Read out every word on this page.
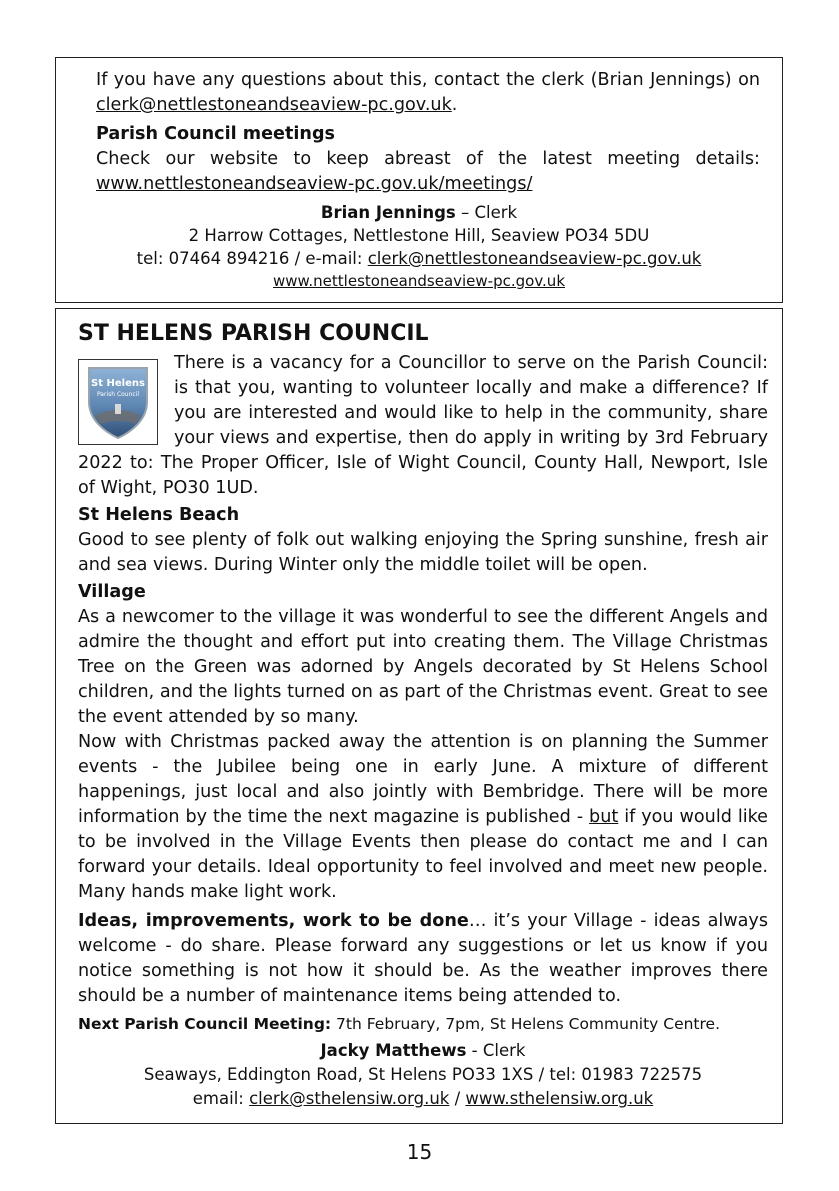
If you have any questions about this, contact the clerk (Brian Jennings) on clerk@nettlestoneandseaview-pc.gov.uk.

Parish Council meetings

Check our website to keep abreast of the latest meeting details:

www.nettlestoneandseaview-pc.gov.uk/meetings/

Brian Jennings – Clerk
2 Harrow Cottages, Nettlestone Hill, Seaview PO34 5DU
tel: 07464 894216 / e-mail: clerk@nettlestoneandseaview-pc.gov.uk
www.nettlestoneandseaview-pc.gov.uk
ST HELENS PARISH COUNCIL
St Helens
Parish Council

There is a vacancy for a Councillor to serve on the Parish Council: is that you, wanting to volunteer locally and make a difference? If you are interested and would like to help in the community, share your views and expertise, then do apply in writing by 3rd February 2022 to: The Proper Officer, Isle of Wight Council, County Hall, Newport, Isle of Wight, PO30 1UD.

St Helens Beach

Good to see plenty of folk out walking enjoying the Spring sunshine, fresh air and sea views. During Winter only the middle toilet will be open.

Village

As a newcomer to the village it was wonderful to see the different Angels and admire the thought and effort put into creating them. The Village Christmas Tree on the Green was adorned by Angels decorated by St Helens School children, and the lights turned on as part of the Christmas event. Great to see the event attended by so many.

Now with Christmas packed away the attention is on planning the Summer events - the Jubilee being one in early June. A mixture of different happenings, just local and also jointly with Bembridge. There will be more information by the time the next magazine is published - but if you would like to be involved in the Village Events then please do contact me and I can forward your details. Ideal opportunity to feel involved and meet new people. Many hands make light work.

Ideas, improvements, work to be done… it’s your Village - ideas always welcome - do share. Please forward any suggestions or let us know if you notice something is not how it should be. As the weather improves there should be a number of maintenance items being attended to.

Next Parish Council Meeting: 7th February, 7pm, St Helens Community Centre.

Jacky Matthews - Clerk
Seaways, Eddington Road, St Helens PO33 1XS / tel: 01983 722575
email: clerk@sthelensiw.org.uk / www.sthelensiw.org.uk
15
